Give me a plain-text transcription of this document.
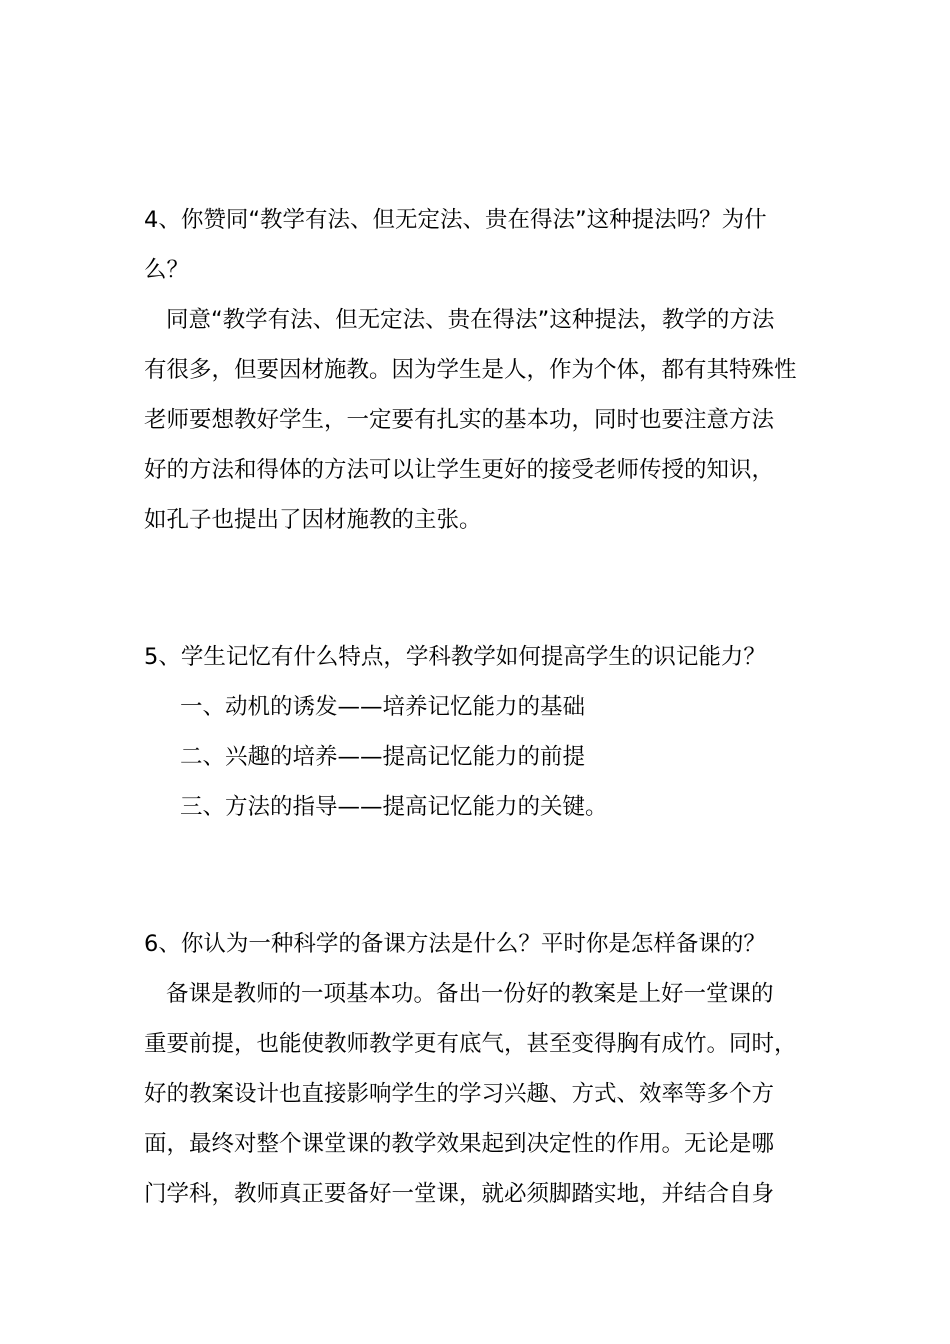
4、你赞同“教学有法、但无定法、贵在得法”这种提法吗？为什
么？
同意“教学有法、但无定法、贵在得法”这种提法，教学的方法
有很多，但要因材施教。因为学生是人，作为个体，都有其特殊性
老师要想教好学生，一定要有扎实的基本功，同时也要注意方法
好的方法和得体的方法可以让学生更好的接受老师传授的知识，
如孔子也提出了因材施教的主张。
5、学生记忆有什么特点，学科教学如何提高学生的识记能力？
一、动机的诱发——培养记忆能力的基础
二、兴趣的培养——提高记忆能力的前提
三、方法的指导——提高记忆能力的关键。
6、你认为一种科学的备课方法是什么？平时你是怎样备课的？
备课是教师的一项基本功。备出一份好的教案是上好一堂课的
重要前提，也能使教师教学更有底气，甚至变得胸有成竹。同时，
好的教案设计也直接影响学生的学习兴趣、方式、效率等多个方
面，最终对整个课堂课的教学效果起到决定性的作用。无论是哪
门学科，教师真正要备好一堂课，就必须脚踏实地，并结合自身
